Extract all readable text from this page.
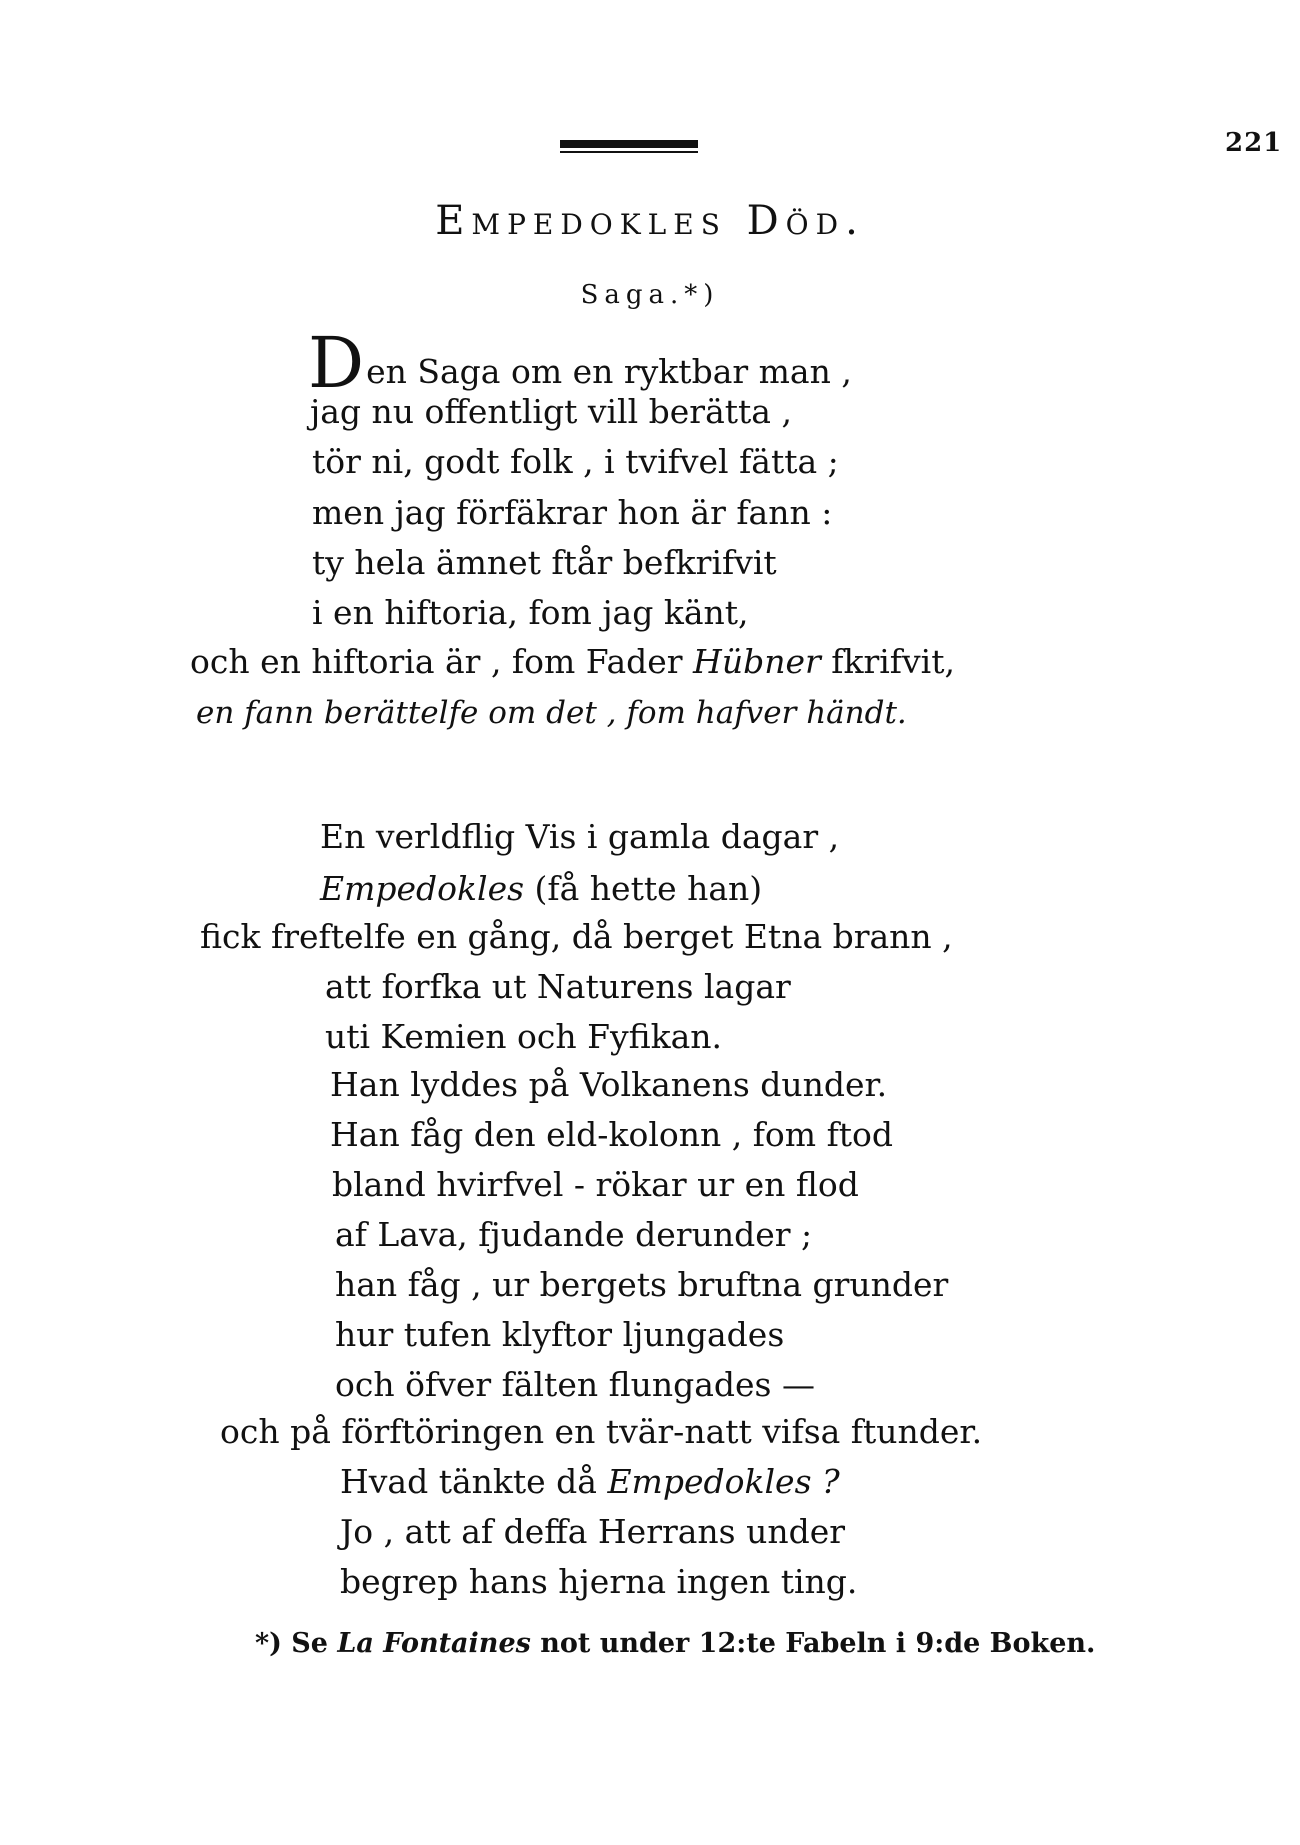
221
Empedokles Död.
Saga.*)
Den Saga om en ryktbar man ,
jag nu offentligt vill berätta ,
tör ni, godt folk , i tvifvel fätta ;
men jag förfäkrar hon är fann :
ty hela ämnet ftår befkrifvit
i en hiftoria, fom jag känt,
och en hiftoria är , fom Fader Hübner fkrifvit,
en fann berättelfe om det , fom hafver händt.
En verldflig Vis i gamla dagar ,
Empedokles (få hette han)
fick freftelfe en gång, då berget Etna brann ,
att forfka ut Naturens lagar
uti Kemien och Fyfikan.
Han lyddes på Volkanens dunder.
Han fåg den eld-kolonn , fom ftod
bland hvirfvel - rökar ur en flod
af Lava, fjudande derunder ;
han fåg , ur bergets bruftna grunder
hur tufen klyftor ljungades
och öfver fälten flungades —
och på förftöringen en tvär-natt vifsa ftunder.
Hvad tänkte då Empedokles ?
Jo , att af deffa Herrans under
begrep hans hjerna ingen ting.
*) Se La Fontaines not under 12:te Fabeln i 9:de Boken.
